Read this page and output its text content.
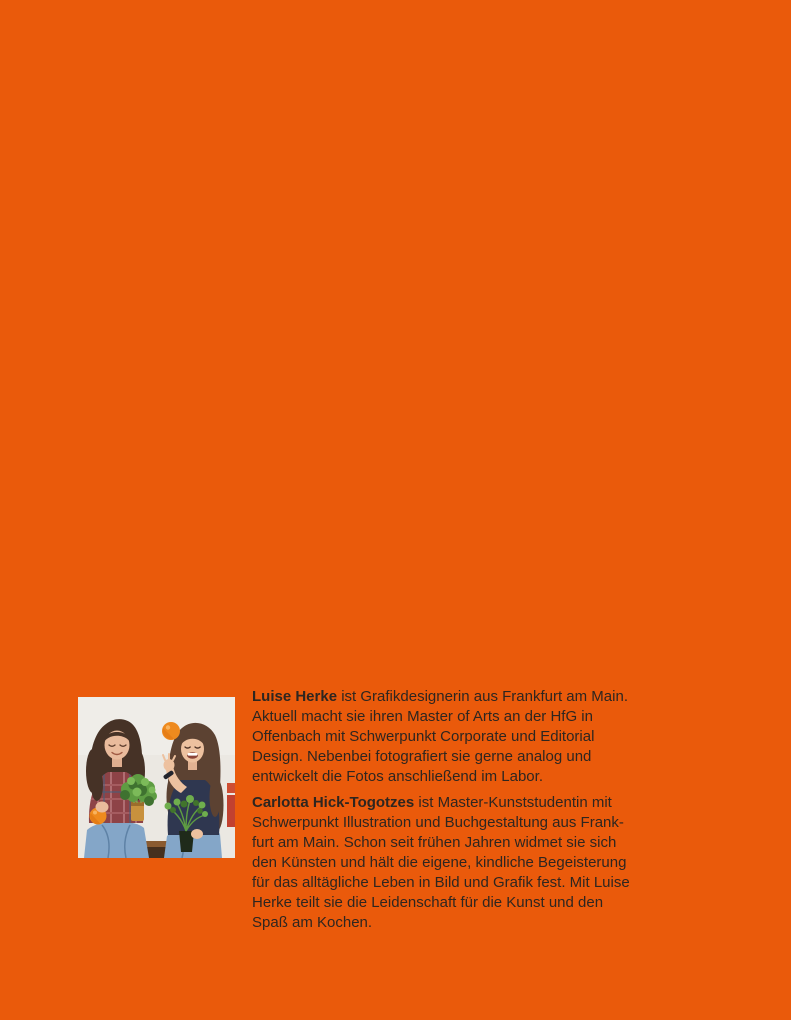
Luise Herke ist Grafikdesignerin aus Frankfurt am Main.
Aktuell macht sie ihren Master of Arts an der HfG in
Offenbach mit Schwerpunkt Corporate und Editorial
Design. Nebenbei fotografiert sie gerne analog und
entwickelt die Fotos anschließend im Labor.

Carlotta Hick-Togotzes ist Master-Kunststudentin mit
Schwerpunkt Illustration und Buchgestaltung aus Frank-
furt am Main. Schon seit frühen Jahren widmet sie sich
den Künsten und hält die eigene, kindliche Begeisterung
für das alltägliche Leben in Bild und Grafik fest. Mit Luise
Herke teilt sie die Leidenschaft für die Kunst und den
Spaß am Kochen.
